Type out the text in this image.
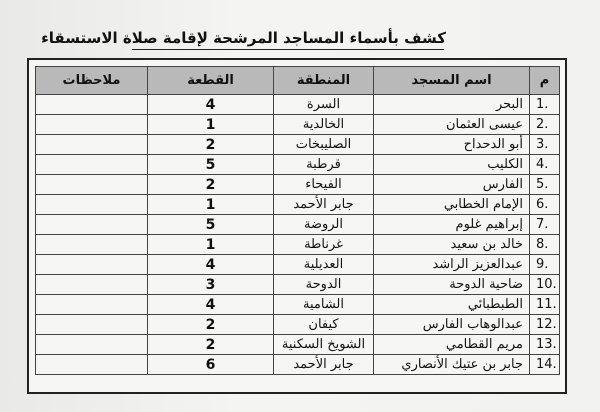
كشف بأسماء المساجد المرشحة لإقامة صلاة الاستسقاء
م	اسم المسجد	المنطقة	القطعة	ملاحظات
1.	البحر	السرة	4	
2.	عيسى العثمان	الخالدية	1	
3.	أبو الدحداح	الصليبخات	2	
4.	الكليب	قرطبة	5	
5.	الفارس	الفيحاء	2	
6.	الإمام الخطابي	جابر الأحمد	1	
7.	إبراهيم غلوم	الروضة	5	
8.	خالد بن سعيد	غرناطة	1	
9.	عبدالعزيز الراشد	العديلية	4	
10.	ضاحية الدوحة	الدوحة	3	
11.	الطبطبائي	الشامية	4	
12.	عبدالوهاب الفارس	كيفان	2	
13.	مريم القطامي	الشويخ السكنية	2	
14.	جابر بن عتيك الأنصاري	جابر الأحمد	6	
